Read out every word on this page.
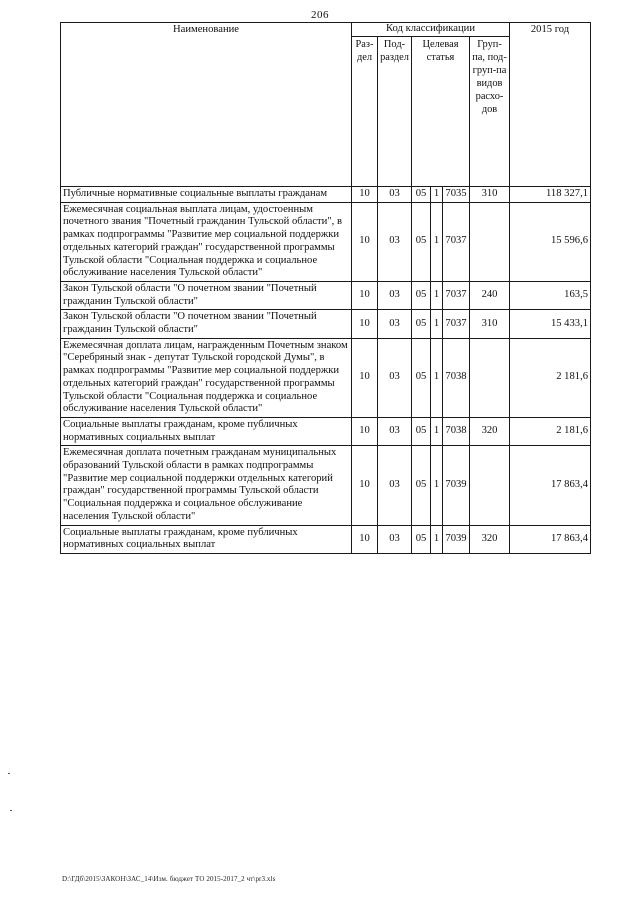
206
Наименование	Код классификации						2015 год
	Раз-дел	Под-раздел	Целевая статья			Груп-па, под-груп-па видов расхо-дов	
Публичные нормативные социальные выплаты гражданам	10	03	05	1	7035	310	118 327,1
Ежемесячная социальная выплата лицам, удостоенным почетного звания "Почетный гражданин Тульской области", в рамках подпрограммы "Развитие мер социальной поддержки отдельных категорий граждан" государственной программы Тульской области "Социальная поддержка и социальное обслуживание населения Тульской области"	10	03	05	1	7037		15 596,6
Закон Тульской области "О почетном звании "Почетный гражданин Тульской области"	10	03	05	1	7037	240	163,5
Закон Тульской области "О почетном звании "Почетный гражданин Тульской области"	10	03	05	1	7037	310	15 433,1
Ежемесячная доплата лицам, награжденным Почетным знаком "Серебряный знак - депутат Тульской городской Думы", в рамках подпрограммы "Развитие мер социальной поддержки отдельных категорий граждан" государственной программы Тульской области "Социальная поддержка и социальное обслуживание населения Тульской области"	10	03	05	1	7038		2 181,6
Социальные выплаты гражданам, кроме публичных нормативных социальных выплат	10	03	05	1	7038	320	2 181,6
Ежемесячная доплата почетным гражданам муниципальных образований Тульской области в рамках подпрограммы "Развитие мер социальной поддержки отдельных категорий граждан" государственной программы Тульской области "Социальная поддержка и социальное обслуживание населения Тульской области"	10	03	05	1	7039		17 863,4
Социальные выплаты гражданам, кроме публичных нормативных социальных выплат	10	03	05	1	7039	320	17 863,4
D:\ГДб\2015\ЗАКОН\ЗАС_14\Изм. бюджет ТО 2015-2017_2 чт\pr3.xls
